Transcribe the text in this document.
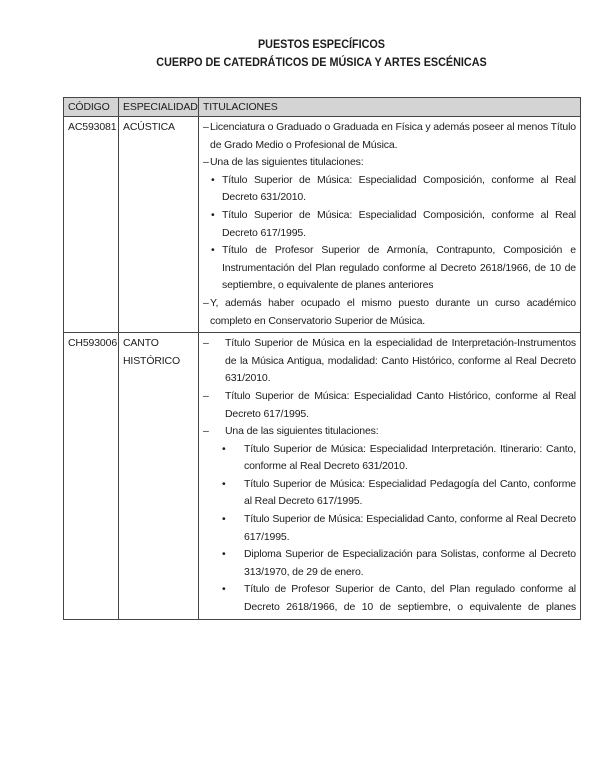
PUESTOS ESPECÍFICOS
CUERPO DE CATEDRÁTICOS DE MÚSICA Y ARTES ESCÉNICAS
CÓDIGO	ESPECIALIDAD	TITULACIONES
AC593081	ACÚSTICA	– Licenciatura o Graduado o Graduada en Física y además poseer al menos Título de Grado Medio o Profesional de Música.
– Una de las siguientes titulaciones:
• Título Superior de Música: Especialidad Composición, conforme al Real Decreto 631/2010.
• Título Superior de Música: Especialidad Composición, conforme al Real Decreto 617/1995.
• Título de Profesor Superior de Armonía, Contrapunto, Composición e Instrumentación del Plan regulado conforme al Decreto 2618/1966, de 10 de septiembre, o equivalente de planes anteriores
– Y, además haber ocupado el mismo puesto durante un curso académico completo en Conservatorio Superior de Música.

CH593006	CANTO HISTÓRICO	
–	Título Superior de Música en la especialidad de Interpretación-Instrumentos de la Música Antigua, modalidad: Canto Histórico, conforme al Real Decreto 631/2010.
–	Título Superior de Música: Especialidad Canto Histórico, conforme al Real Decreto 617/1995.
–	Una de las siguientes titulaciones:
•	Título Superior de Música: Especialidad Interpretación. Itinerario: Canto, conforme al Real Decreto 631/2010.
•	Título Superior de Música: Especialidad Pedagogía del Canto, conforme al Real Decreto 617/1995.
•	Título Superior de Música: Especialidad Canto, conforme al Real Decreto 617/1995.
•	Diploma Superior de Especialización para Solistas, conforme al Decreto 313/1970, de 29 de enero.
•	Título de Profesor Superior de Canto, del Plan regulado conforme al Decreto 2618/1966, de 10 de septiembre, o equivalente de planes
